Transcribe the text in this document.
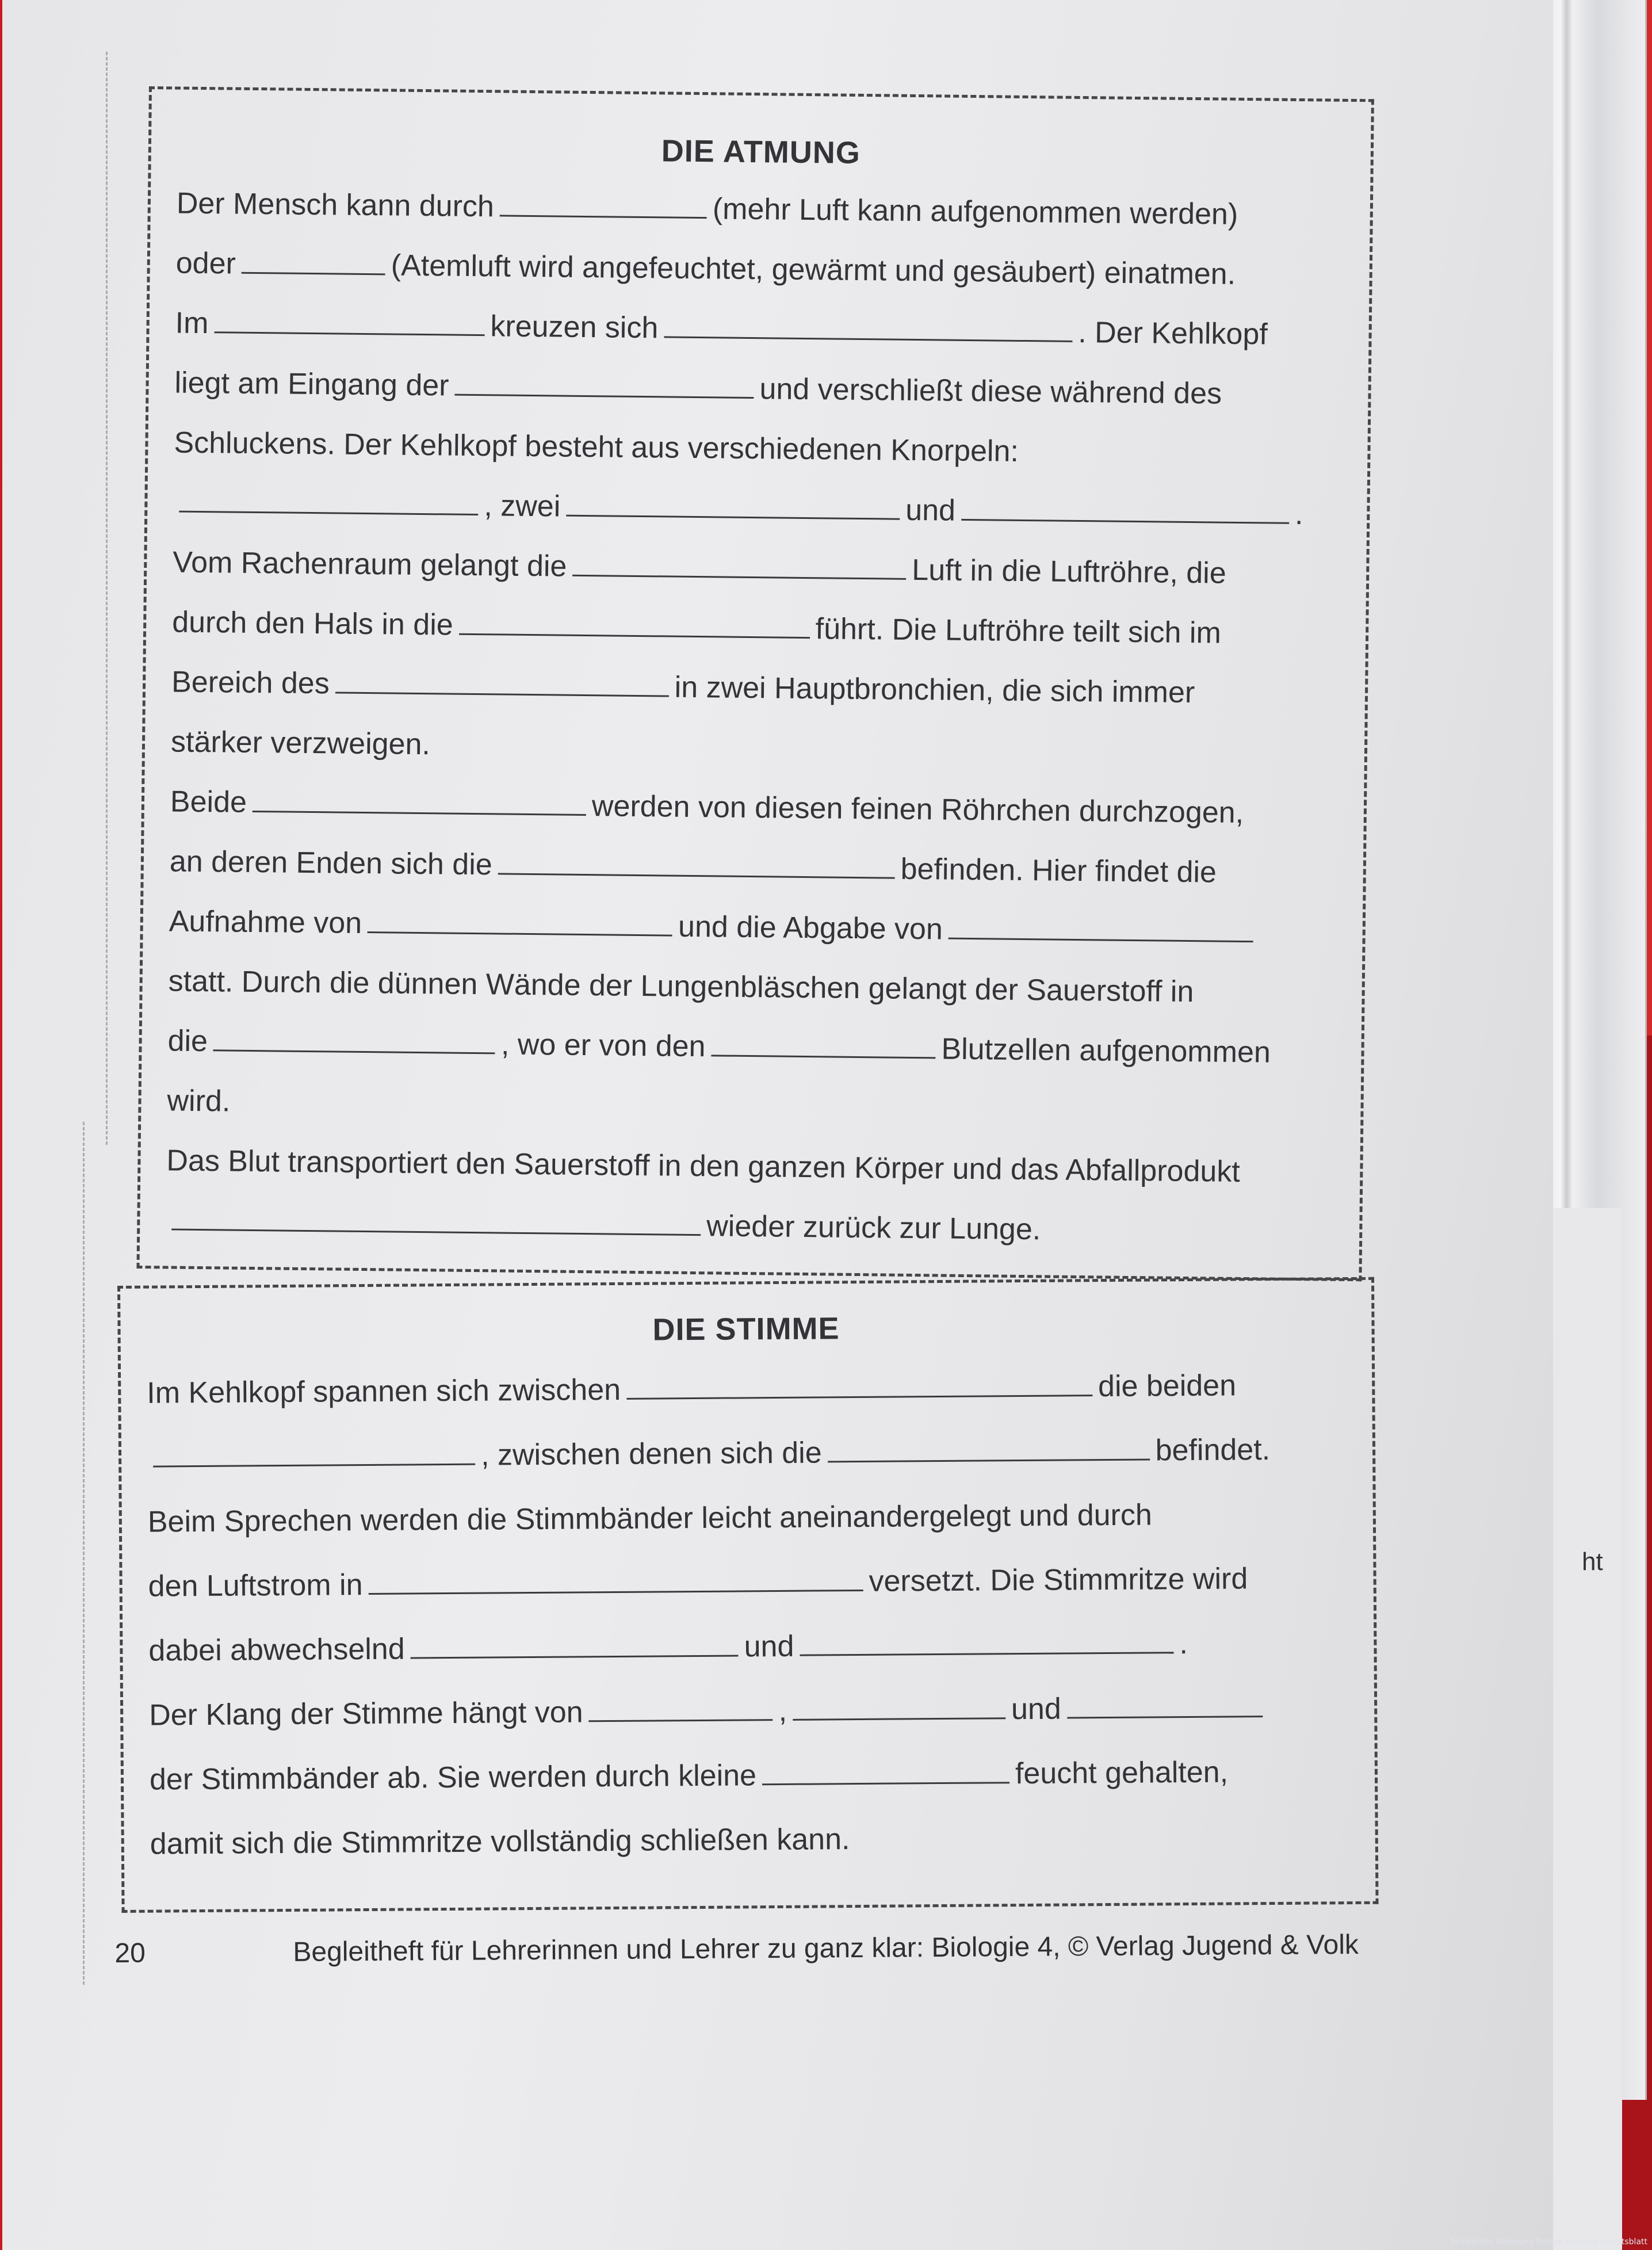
ht
DIE ATMUNG
Der Mensch kann durch	(mehr Luft kann aufgenommen werden)
oder	(Atemluft wird angefeuchtet, gewärmt und gesäubert) einatmen.
Im	kreuzen sich	. Der Kehlkopf
liegt am Eingang der	und verschließt diese während des
Schluckens. Der Kehlkopf besteht aus verschiedenen Knorpeln:
, zwei	und	.
Vom Rachenraum gelangt die	Luft in die Luftröhre, die
durch den Hals in die	führt. Die Luftröhre teilt sich im
Bereich des	in zwei Hauptbronchien, die sich immer
stärker verzweigen.
Beide	werden von diesen feinen Röhrchen durchzogen,
an deren Enden sich die	befinden. Hier findet die
Aufnahme von	und die Abgabe von
statt. Durch die dünnen Wände der Lungenbläschen gelangt der Sauerstoff in
die	, wo er von den	Blutzellen aufgenommen
wird.
Das Blut transportiert den Sauerstoff in den ganzen Körper und das Abfallprodukt
wieder zurück zur Lunge.
DIE STIMME
Im Kehlkopf spannen sich zwischen	die beiden
, zwischen denen sich die	befindet.
Beim Sprechen werden die Stimmbänder leicht aneinandergelegt und durch
den Luftstrom in	versetzt. Die Stimmritze wird
dabei abwechselnd	und	.
Der Klang der Stimme hängt von	,	und
der Stimmbänder ab. Sie werden durch kleine	feucht gehalten,
damit sich die Stimmritze vollständig schließen kann.
20	Begleitheft für Lehrerinnen und Lehrer zu ganz klar: Biologie 4, © Verlag Jugend & Volk
Schlechtes Ablesung Schule Biologie Arbeitsblatt
